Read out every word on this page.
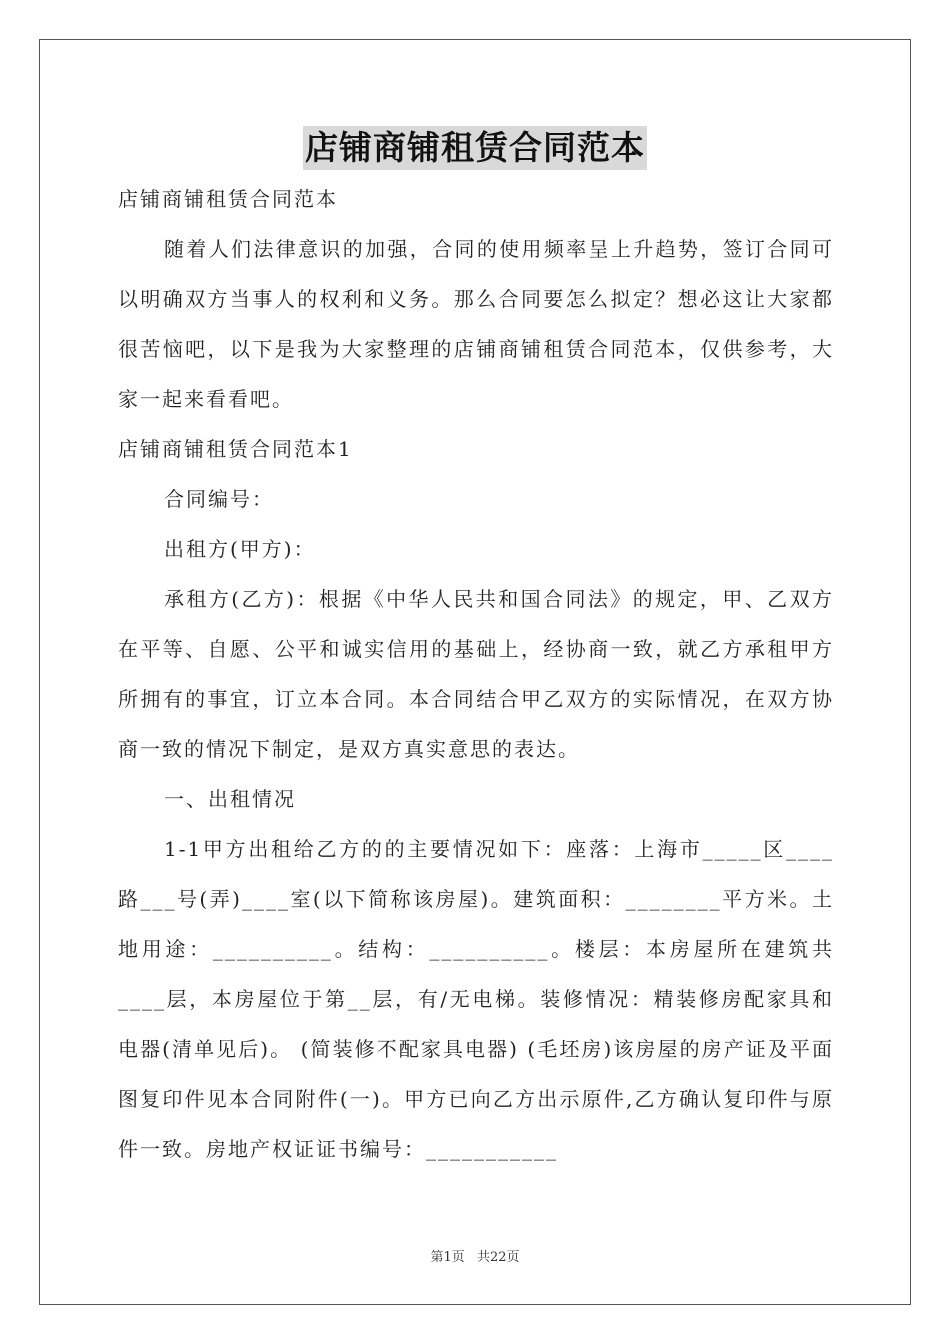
店铺商铺租赁合同范本

店铺商铺租赁合同范本

随着人们法律意识的加强，合同的使用频率呈上升趋势，签订合同可以明确双方当事人的权利和义务。那么合同要怎么拟定？想必这让大家都很苦恼吧，以下是我为大家整理的店铺商铺租赁合同范本，仅供参考，大家一起来看看吧。

店铺商铺租赁合同范本1

合同编号：

出租方(甲方)：

承租方(乙方)：根据《中华人民共和国合同法》的规定，甲、乙双方在平等、自愿、公平和诚实信用的基础上，经协商一致，就乙方承租甲方所拥有的事宜，订立本合同。本合同结合甲乙双方的实际情况，在双方协商一致的情况下制定，是双方真实意思的表达。

一、出租情况

1-1甲方出租给乙方的的主要情况如下：座落：上海市_____区____路___号(弄)____室(以下简称该房屋)。建筑面积：________平方米。土地用途：__________。结构：__________。楼层：本房屋所在建筑共____层，本房屋位于第__层，有/无电梯。装修情况：精装修房配家具和电器(清单见后)。 (简装修不配家具电器) (毛坯房)该房屋的房产证及平面图复印件见本合同附件(一)。甲方已向乙方出示原件,乙方确认复印件与原件一致。房地产权证证书编号：___________

第1页 共22页
